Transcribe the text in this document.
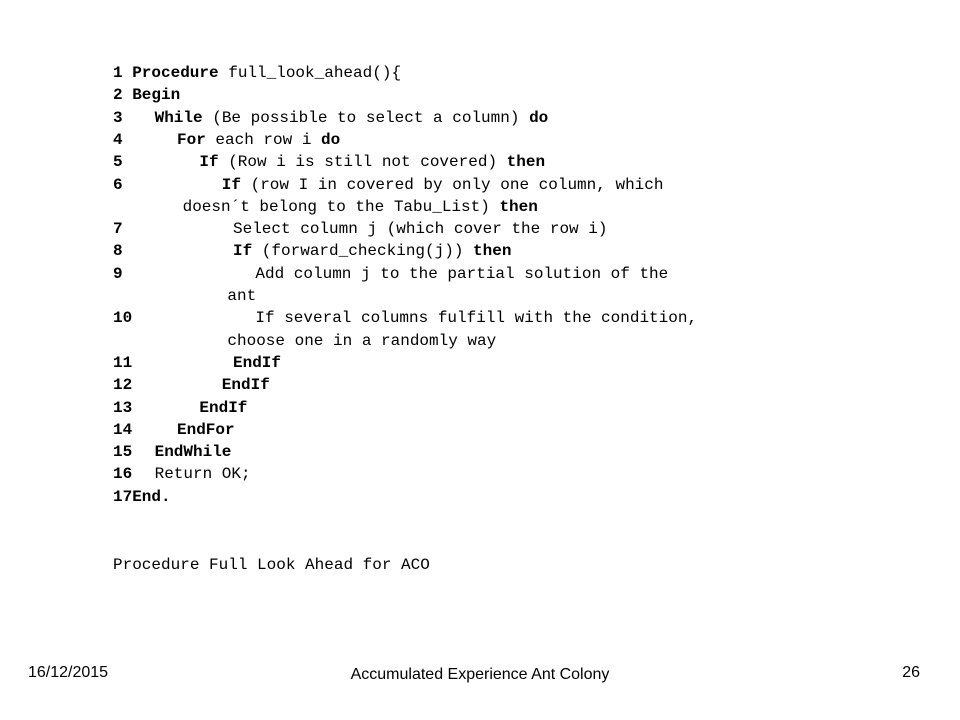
1 Procedure full_look_ahead(){
2 Begin
3 While (Be possible to select a column) do
4	For each row i do
5	If (Row i is still not covered) then
6	If (row I in covered by only one column, which
doesn´t belong to the Tabu_List) then
7	Select column j (which cover the row i)
8	If (forward_checking(j)) then
9	Add column j to the partial solution of the
ant
10	If several columns fulfill with the condition,
choose one in a randomly way
11	EndIf
12	EndIf
13	EndIf
14	EndFor
15 EndWhile
16 Return OK;
17 End.
Procedure Full Look Ahead for ACO
16/12/2015	Accumulated Experience Ant Colony	26
